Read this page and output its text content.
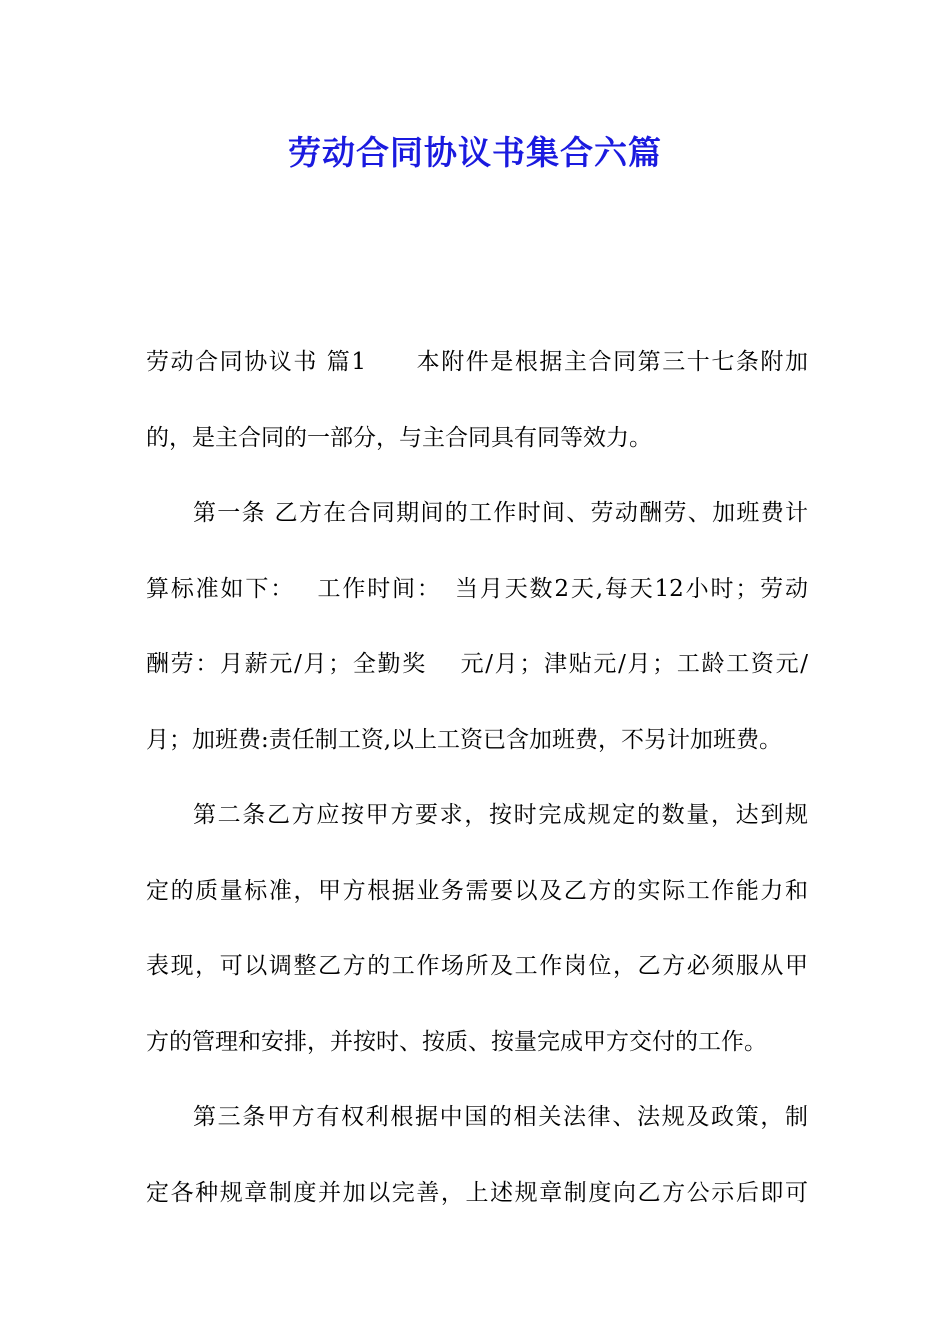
劳动合同协议书集合六篇
劳动合同协议书 篇1　　本附件是根据主合同第三十七条附加
的，是主合同的一部分，与主合同具有同等效力。
第一条 乙方在合同期间的工作时间、劳动酬劳、加班费计
算标准如下：　 工作时间：　当月天数2天,每天12小时；劳动
酬劳：月薪元/月；全勤奖　 元/月；津贴元/月；工龄工资元/
月；加班费:责任制工资,以上工资已含加班费，不另计加班费。
第二条乙方应按甲方要求，按时完成规定的数量，达到规
定的质量标准，甲方根据业务需要以及乙方的实际工作能力和
表现，可以调整乙方的工作场所及工作岗位，乙方必须服从甲
方的管理和安排，并按时、按质、按量完成甲方交付的工作。
第三条甲方有权利根据中国的相关法律、法规及政策，制
定各种规章制度并加以完善，上述规章制度向乙方公示后即可
